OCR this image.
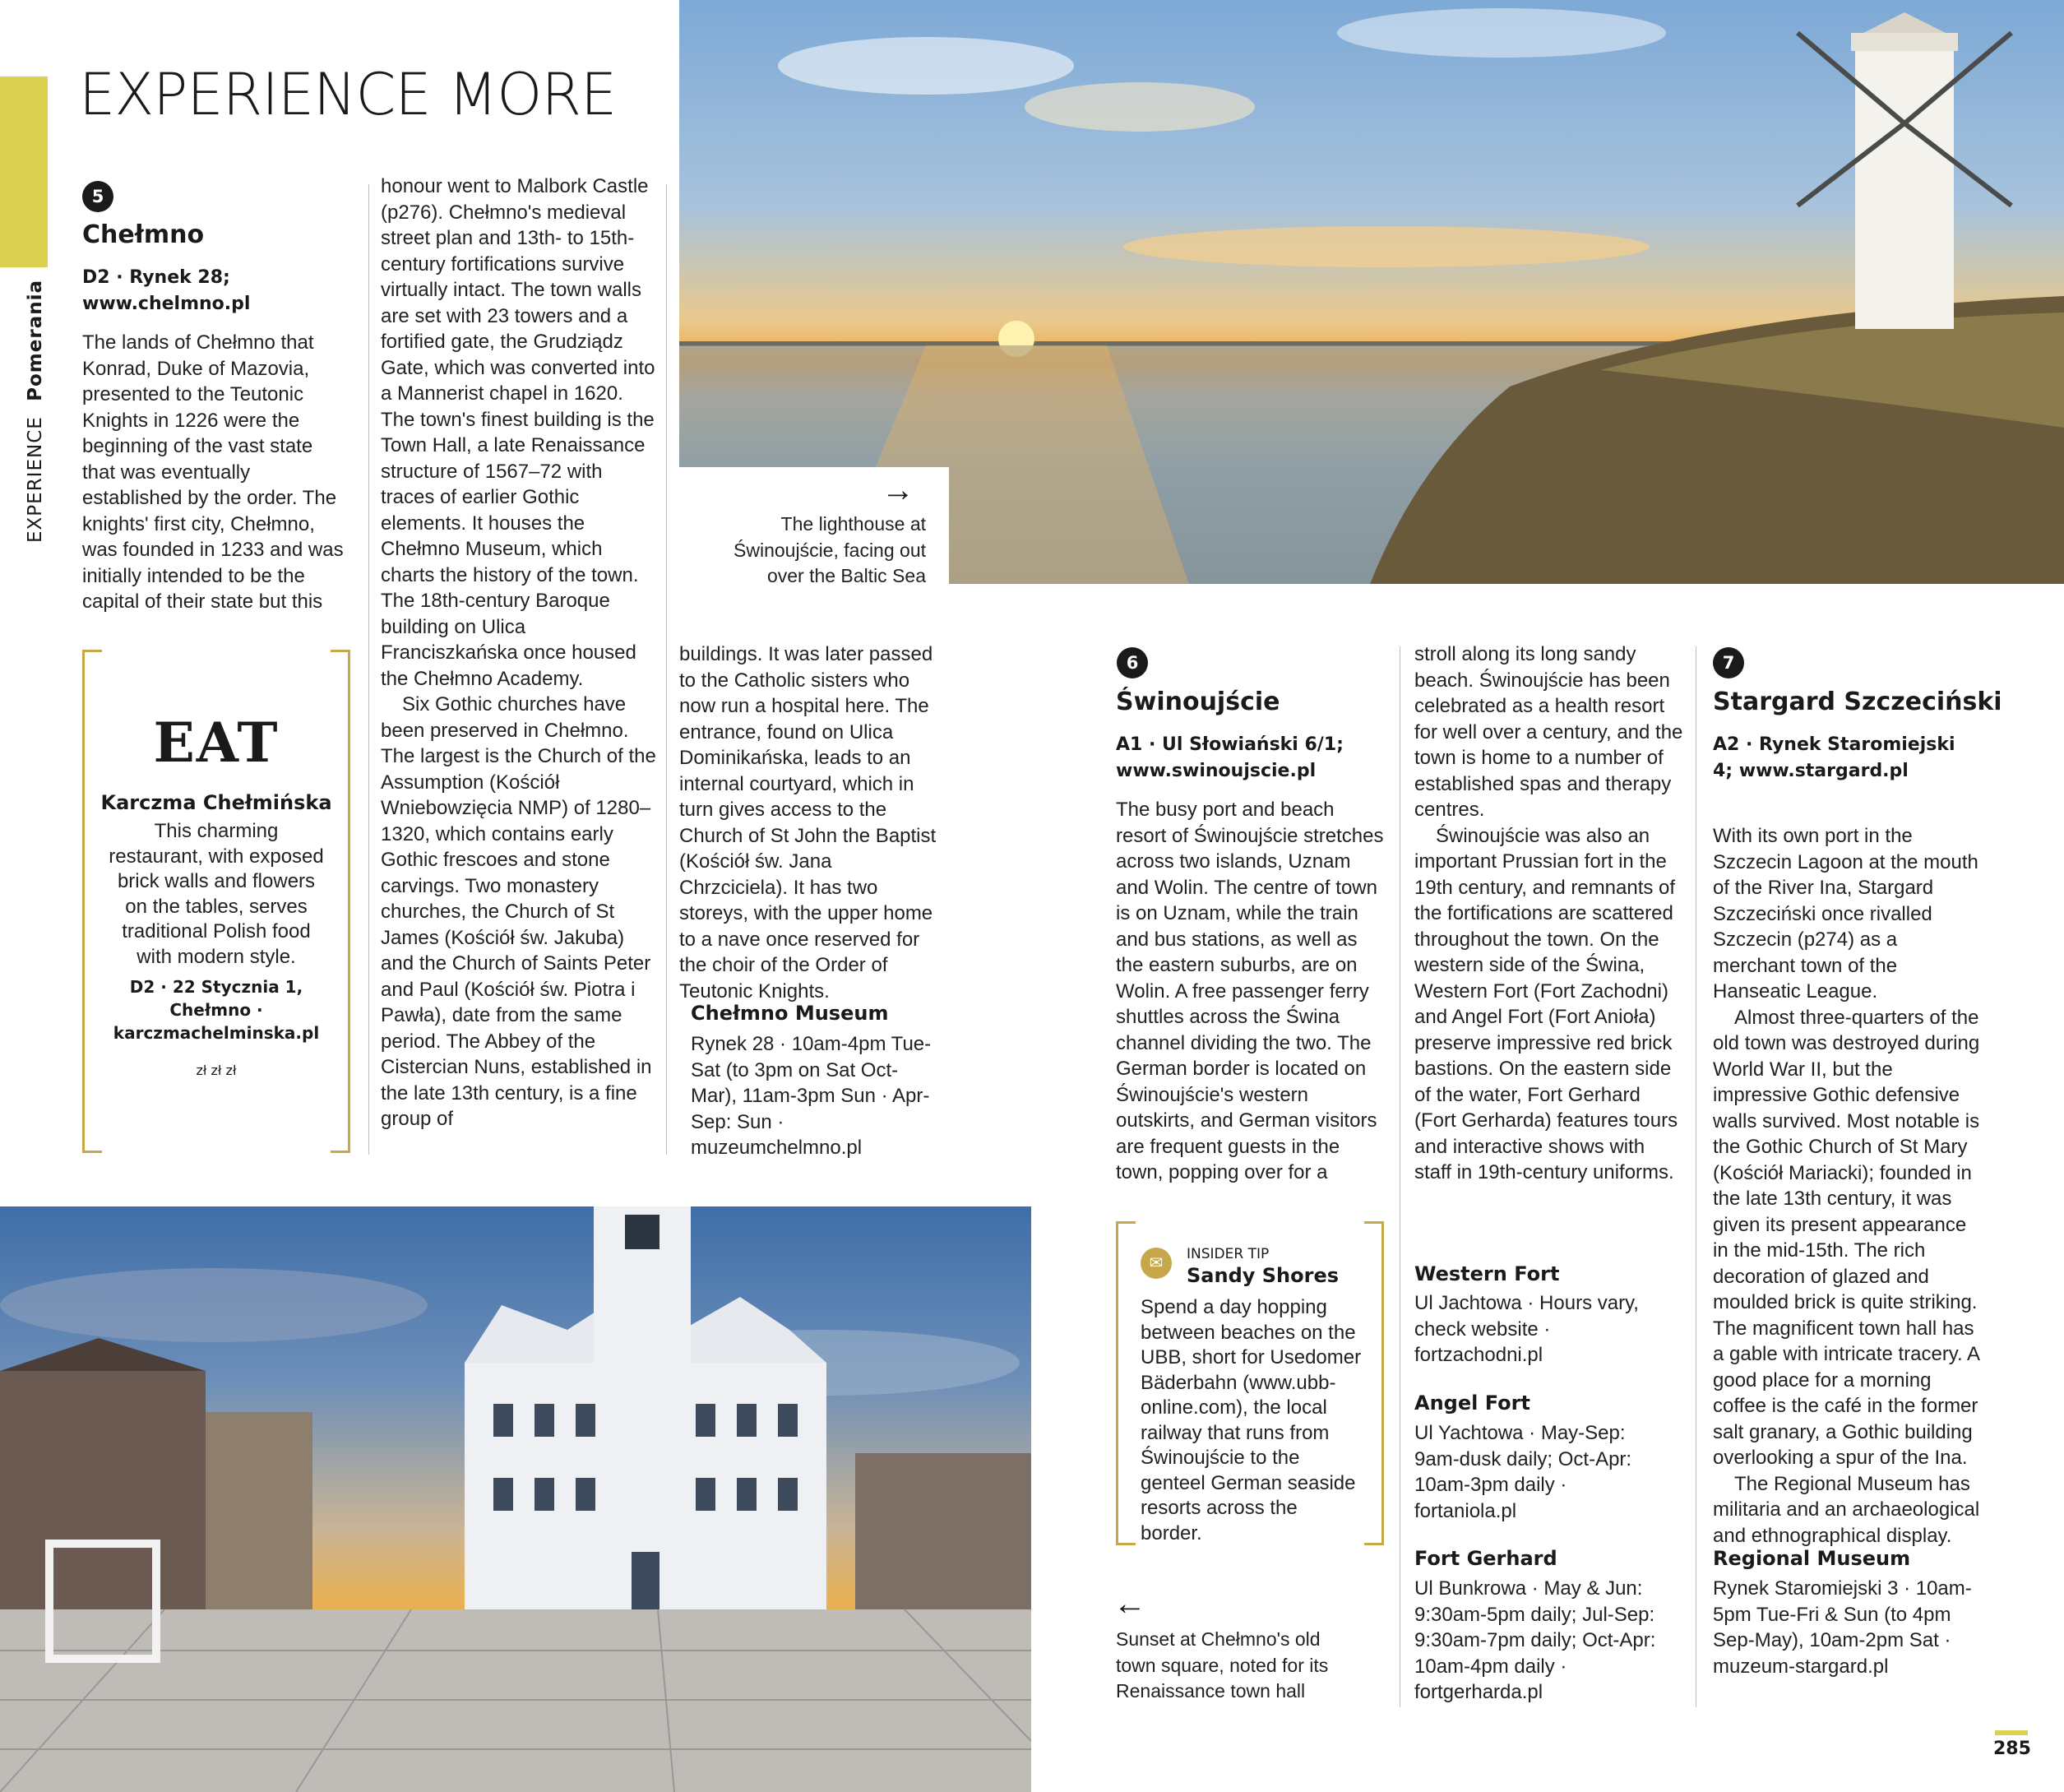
EXPERIENCE Pomerania
EXPERIENCE MORE
→
The lighthouse at Świnoujście, facing out over the Baltic Sea
5
Chełmno
D2 · Rynek 28; www.chelmno.pl

The lands of Chełmno that Konrad, Duke of Mazovia, presented to the Teutonic Knights in 1226 were the beginning of the vast state that was eventually established by the order. The knights' first city, Chełmno, was founded in 1233 and was initially intended to be the capital of their state but this

honour went to Malbork Castle (p276). Chełmno's medieval street plan and 13th- to 15th-century fortifications survive virtually intact. The town walls are set with 23 towers and a fortified gate, the Grudziądz Gate, which was converted into a Mannerist chapel in 1620. The town's finest building is the Town Hall, a late Renaissance structure of 1567–72 with traces of earlier Gothic elements. It houses the Chełmno Museum, which charts the history of the town. The 18th-century Baroque building on Ulica Franciszkańska once housed the Chełmno Academy.

Six Gothic churches have been preserved in Chełmno. The largest is the Church of the Assumption (Kościół Wniebowzięcia NMP) of 1280–1320, which contains early Gothic frescoes and stone carvings. Two monastery churches, the Church of St James (Kościół św. Jakuba) and the Church of Saints Peter and Paul (Kościół św. Piotra i Pawła), date from the same period. The Abbey of the Cistercian Nuns, established in the late 13th century, is a fine group of

buildings. It was later passed to the Catholic sisters who now run a hospital here. The entrance, found on Ulica Dominikańska, leads to an internal courtyard, which in turn gives access to the Church of St John the Baptist (Kościół św. Jana Chrzciciela). It has two storeys, with the upper home to a nave once reserved for the choir of the Order of Teutonic Knights.

Chełmno Museum
Rynek 28 · 10am-4pm Tue-Sat (to 3pm on Sat Oct-Mar), 11am-3pm Sun · Apr-Sep: Sun · muzeumchelmno.pl
EAT
Karczma Chełmińska
This charming restaurant, with exposed brick walls and flowers on the tables, serves traditional Polish food with modern style.
D2 · 22 Stycznia 1, Chełmno · karczmachelminska.pl
zł zł zł
6
Świnoujście
A1 · Ul Słowiański 6/1; www.swinoujscie.pl

The busy port and beach resort of Świnoujście stretches across two islands, Uznam and Wolin. The centre of town is on Uznam, while the train and bus stations, as well as the eastern suburbs, are on Wolin. A free passenger ferry shuttles across the Świna channel dividing the two. The German border is located on Świnoujście's western outskirts, and German visitors are frequent guests in the town, popping over for a

✉	INSIDER TIP
Sandy Shores
Spend a day hopping between beaches on the UBB, short for Usedomer Bäderbahn (www.ubb-online.com), the local railway that runs from Świnoujście to the genteel German seaside resorts across the border.
←
Sunset at Chełmno's old town square, noted for its Renaissance town hall

stroll along its long sandy beach. Świnoujście has been celebrated as a health resort for well over a century, and the town is home to a number of established spas and therapy centres.

Świnoujście was also an important Prussian fort in the 19th century, and remnants of the fortifications are scattered throughout the town. On the western side of the Świna, Western Fort (Fort Zachodni) and Angel Fort (Fort Anioła) preserve impressive red brick bastions. On the eastern side of the water, Fort Gerhard (Fort Gerharda) features tours and interactive shows with staff in 19th-century uniforms.

Western Fort
Ul Jachtowa · Hours vary, check website · fortzachodni.pl
Angel Fort
Ul Yachtowa · May-Sep: 9am-dusk daily; Oct-Apr: 10am-3pm daily · fortaniola.pl
Fort Gerhard
Ul Bunkrowa · May & Jun: 9:30am-5pm daily; Jul-Sep: 9:30am-7pm daily; Oct-Apr: 10am-4pm daily · fortgerharda.pl
7
Stargard Szczeciński
A2 · Rynek Staromiejski 4; www.stargard.pl

With its own port in the Szczecin Lagoon at the mouth of the River Ina, Stargard Szczeciński once rivalled Szczecin (p274) as a merchant town of the Hanseatic League.

Almost three-quarters of the old town was destroyed during World War II, but the impressive Gothic defensive walls survived. Most notable is the Gothic Church of St Mary (Kościół Mariacki); founded in the late 13th century, it was given its present appearance in the mid-15th. The rich decoration of glazed and moulded brick is quite striking. The magnificent town hall has a gable with intricate tracery. A good place for a morning coffee is the café in the former salt granary, a Gothic building overlooking a spur of the Ina.

The Regional Museum has militaria and an archaeological and ethnographical display.

Regional Museum
Rynek Staromiejski 3 · 10am-5pm Tue-Fri & Sun (to 4pm Sep-May), 10am-2pm Sat · muzeum-stargard.pl
285
